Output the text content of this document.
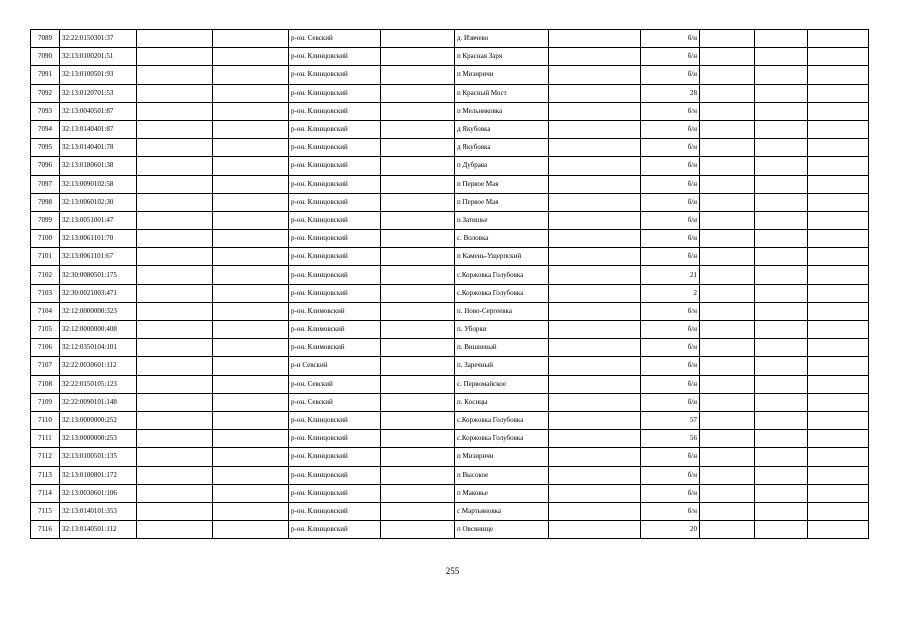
7089	32:22:0150301:37			р-он. Севский		д. Извчево		б/н			
7090	32:13:0100201:51			р-он. Клинцовский		п Красная Заря		б/н			
7091	32:13:0100501:93			р-он. Клинцовский		п Мизиричи		б/н			
7092	32:13:0120701:53			р-он. Клинцовский		п Красный Мост		28			
7093	32:13:0040501:87			р-он. Клинцовский		п Мельниковка		б/н			
7094	32:13:0140401:87			р-он. Клинцовский		д Якубовка		б/н			
7095	32:13:0140401:78			р-он. Клинцовский		д Якубовка		б/н			
7096	32:13:0180601:38			р-он. Клинцовский		п Дубрава		б/н			
7097	32:13:0090102:58			р-он. Клинцовский		п Первое Мая		б/н			
7098	32:13:0060102:30			р-он. Клинцовский		п Первое Мая		б/н			
7099	32:13:0051001:47			р-он. Клинцовский		п Затишье		б/н			
7100	32:13:0061101:70			р-он. Клинцовский		с. Воловка		б/н			
7101	32:13:0061101:67			р-он. Клинцовский		п Камень-Ущерпский		б/н			
7102	32:30:0080501:175			р-он. Клинцовский		с.Коржовка Голубовка		21			
7103	32:30:0021003:471			р-он. Клинцовский		с.Коржовка Голубовка		2			
7104	32:12:0000000:323			р-он. Климовский		п. Ново-Сергеевка		б/н			
7105	32:12:0000000:408			р-он. Климовский		п. Уборки		б/н			
7106	32:12:0350104:101			р-он. Климовский		п. Вишневый		б/н			
7107	32:22:0030601:112			р-н Севский		п. Заречный		б/н			
7108	32:22:0150105:123			р-он. Севский		с. Первомайское		б/н			
7109	32:22:0090101:148			р-он. Севский		п. Косицы		б/н			
7110	32:13:0000000:252			р-он. Клинцовский		с.Коржовка Голубовка		57			
7111	32:13:0000000:253			р-он. Клинцовский		с.Коржовка Голубовка		56			
7112	32:13:0100501:135			р-он. Клинцовский		п Мизиричи		б/н			
7113	32:13:0100801:172			р-он. Клинцовский		п Высокое		б/н			
7114	32:13:0030601:106			р-он. Клинцовский		п Маковье		б/н			
7115	32:13:0140101:353			р-он. Клинцовский		с Мартьяновка		б/н			
7116	32:13:0140501:112			р-он. Клинцовский		п Овсянище		20			
255
